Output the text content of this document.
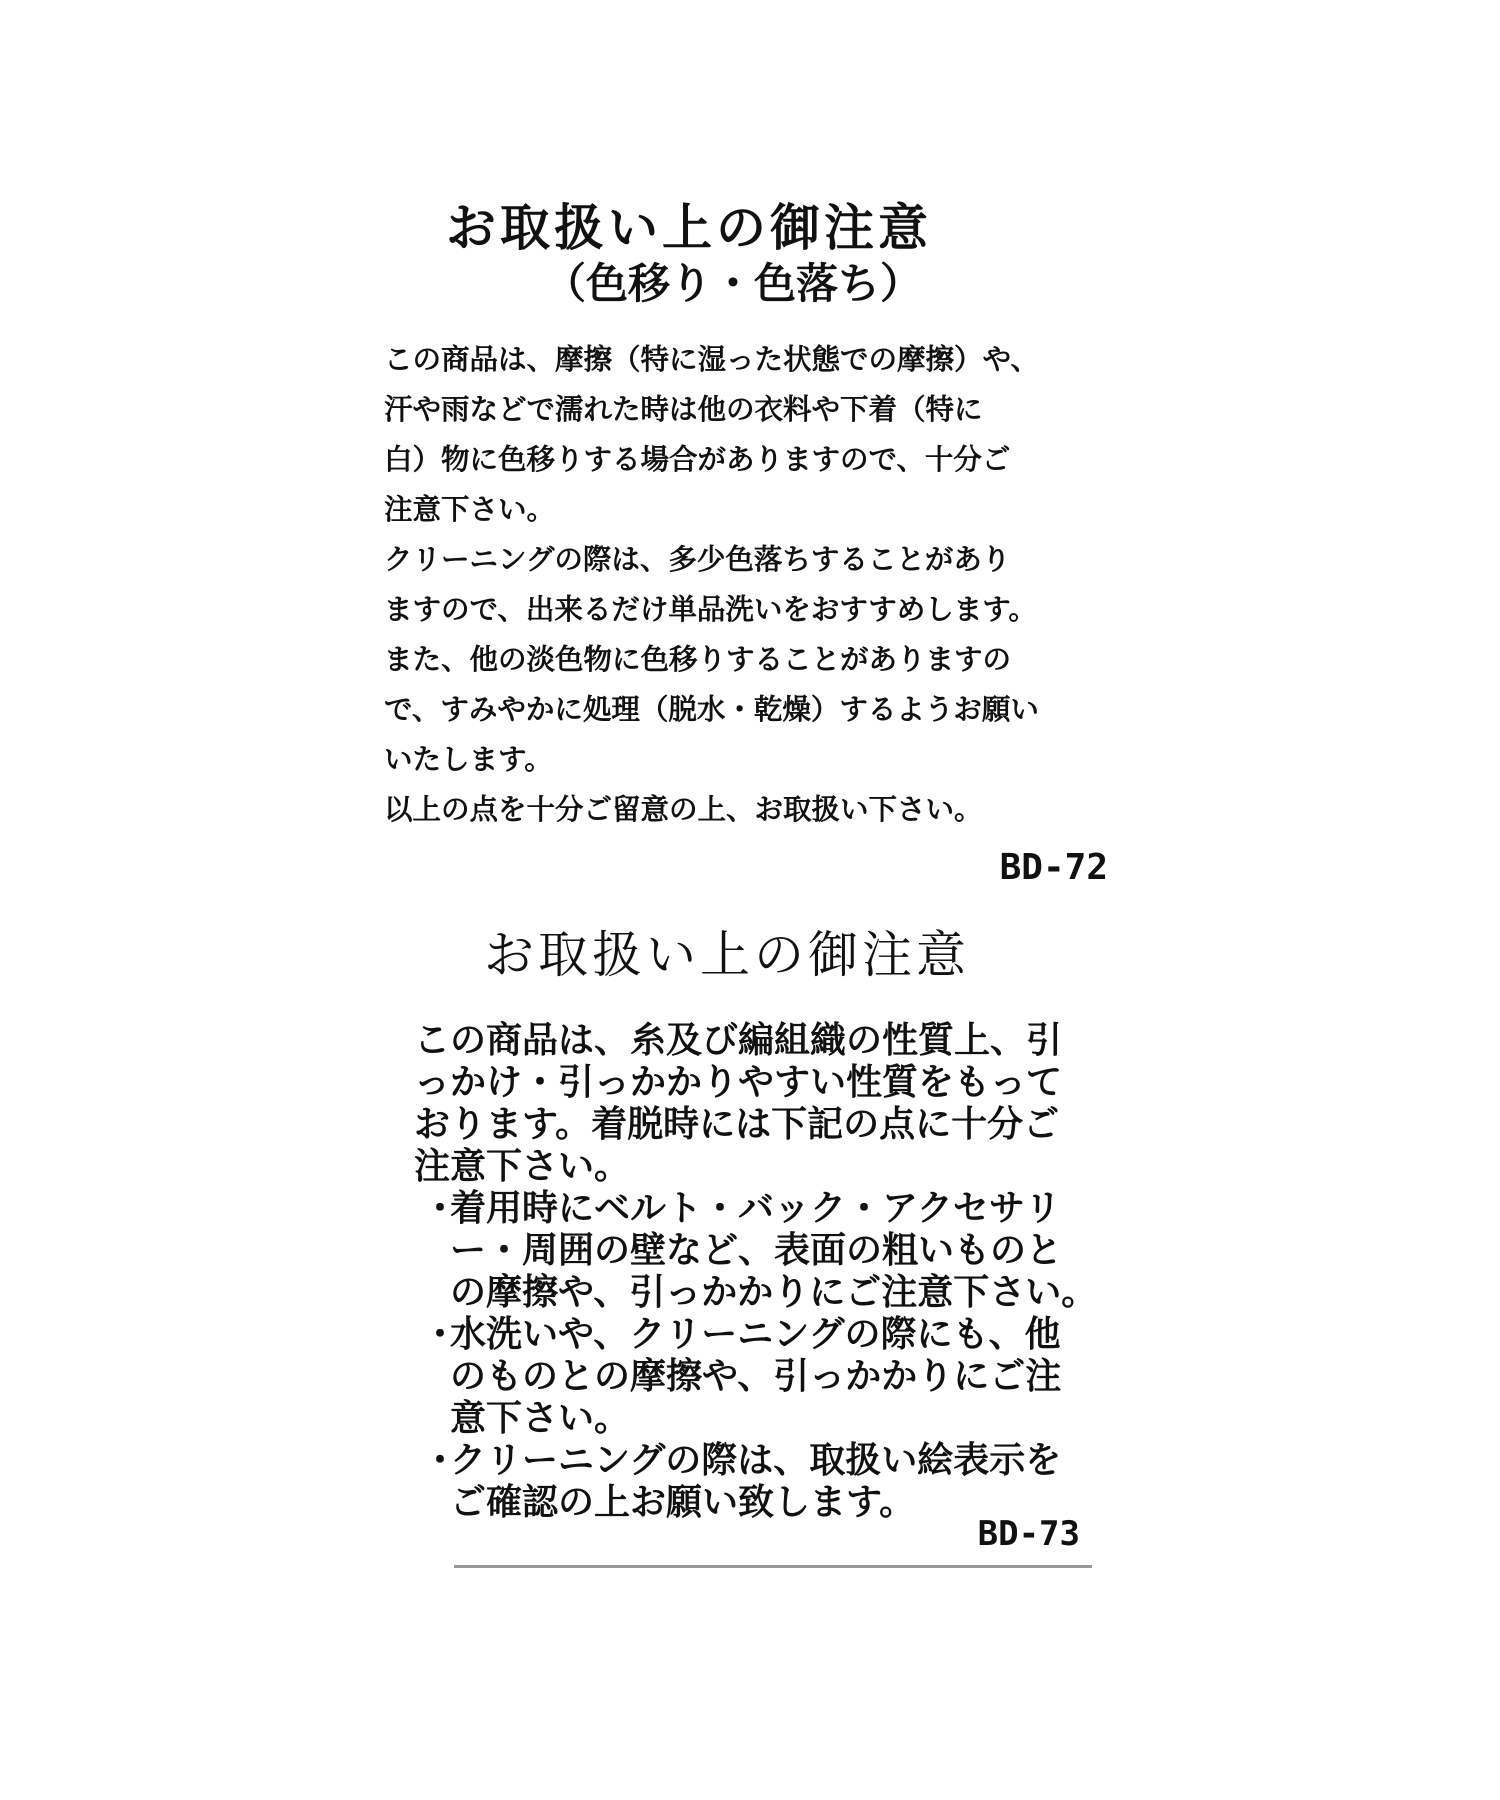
お取扱い上の御注意
（色移り・色落ち）

この商品は、摩擦（特に湿った状態での摩擦）や、

汗や雨などで濡れた時は他の衣料や下着（特に

白）物に色移りする場合がありますので、十分ご

注意下さい。

クリーニングの際は、多少色落ちすることがあり

ますので、出来るだけ単品洗いをおすすめします。

また、他の淡色物に色移りすることがありますの

で、すみやかに処理（脱水・乾燥）するようお願い

いたします。

以上の点を十分ご留意の上、お取扱い下さい。

BD-72
お取扱い上の御注意

この商品は、糸及び編組織の性質上、引

っかけ・引っかかりやすい性質をもって

おります。着脱時には下記の点に十分ご

注意下さい。

・
着用時にベルト・バック・アクセサリ
ー・周囲の壁など、表面の粗いものと
の摩擦や、引っかかりにご注意下さい。
・
水洗いや、クリーニングの際にも、他
のものとの摩擦や、引っかかりにご注
意下さい。
・
クリーニングの際は、取扱い絵表示を
ご確認の上お願い致します。
BD-73
